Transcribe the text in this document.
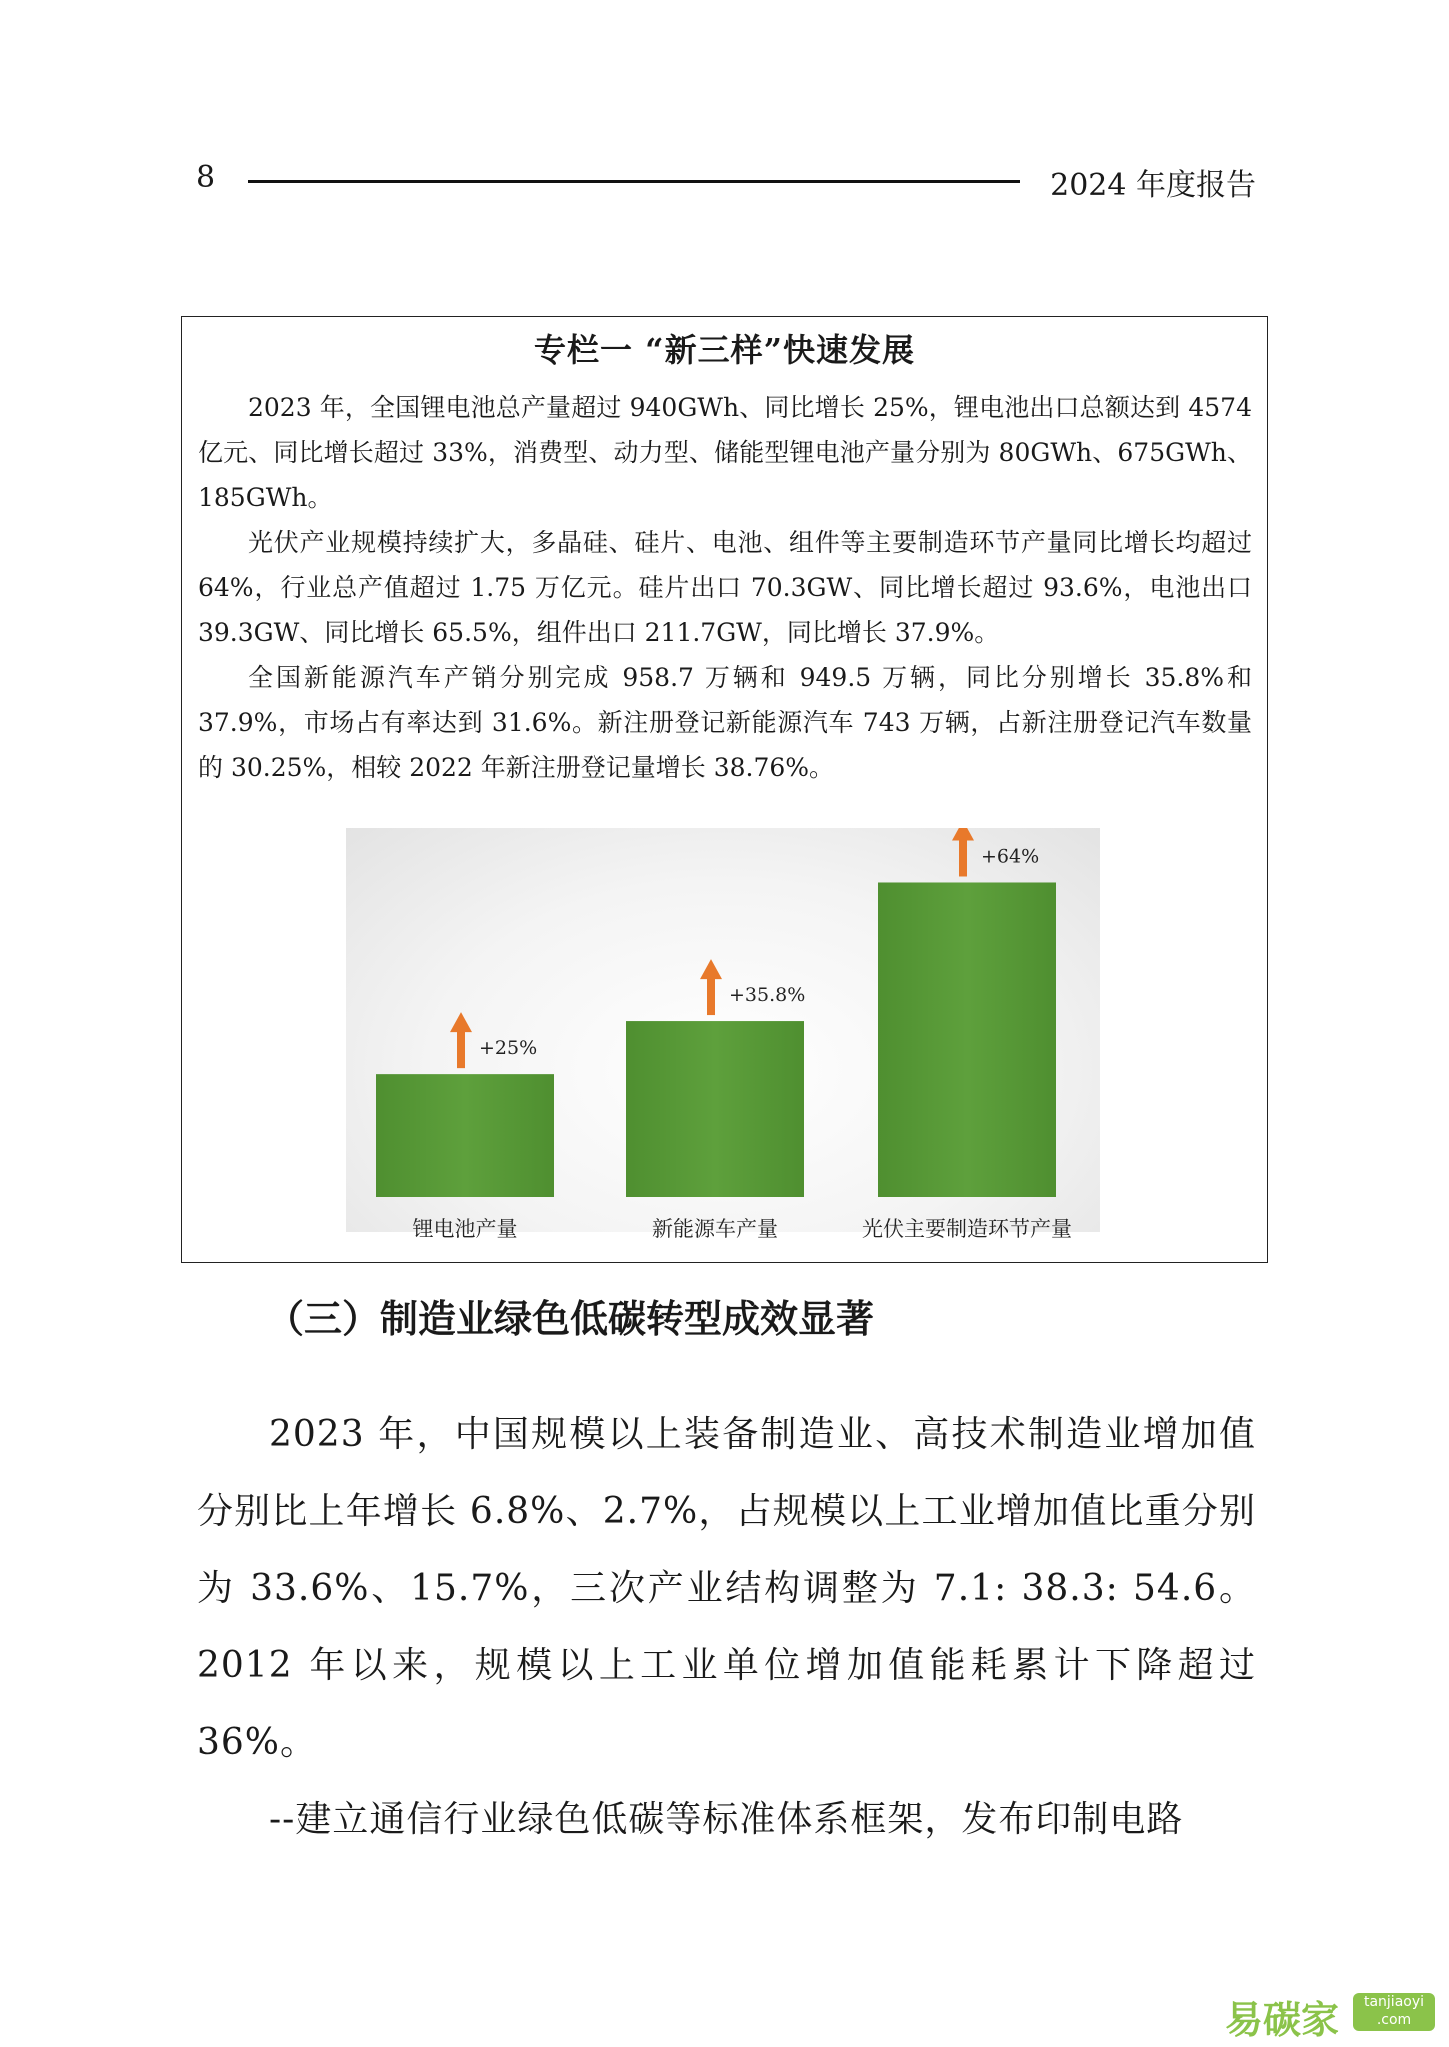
8	2024 年度报告
专栏一 “新三样”快速发展

2023 年，全国锂电池总产量超过 940GWh、同比增长 25%，锂电池出口总额达到 4574 亿元、同比增长超过 33%，消费型、动力型、储能型锂电池产量分别为 80GWh、675GWh、185GWh。

光伏产业规模持续扩大，多晶硅、硅片、电池、组件等主要制造环节产量同比增长均超过 64%，行业总产值超过 1.75 万亿元。硅片出口 70.3GW、同比增长超过 93.6%，电池出口 39.3GW、同比增长 65.5%，组件出口 211.7GW，同比增长 37.9%。

全国新能源汽车产销分别完成 958.7 万辆和 949.5 万辆，同比分别增长 35.8%和 37.9%，市场占有率达到 31.6%。新注册登记新能源汽车 743 万辆，占新注册登记汽车数量的 30.25%，相较 2022 年新注册登记量增长 38.76%。

+25%
锂电池产量
+35.8%
新能源车产量
+64%
光伏主要制造环节产量
（三）制造业绿色低碳转型成效显著

2023 年，中国规模以上装备制造业、高技术制造业增加值分别比上年增长 6.8%、2.7%，占规模以上工业增加值比重分别为 33.6%、15.7%，三次产业结构调整为 7.1: 38.3: 54.6。2012 年以来，规模以上工业单位增加值能耗累计下降超过 36%。

--建立通信行业绿色低碳等标准体系框架，发布印制电路

易碳家	tanjiaoyi
.com
